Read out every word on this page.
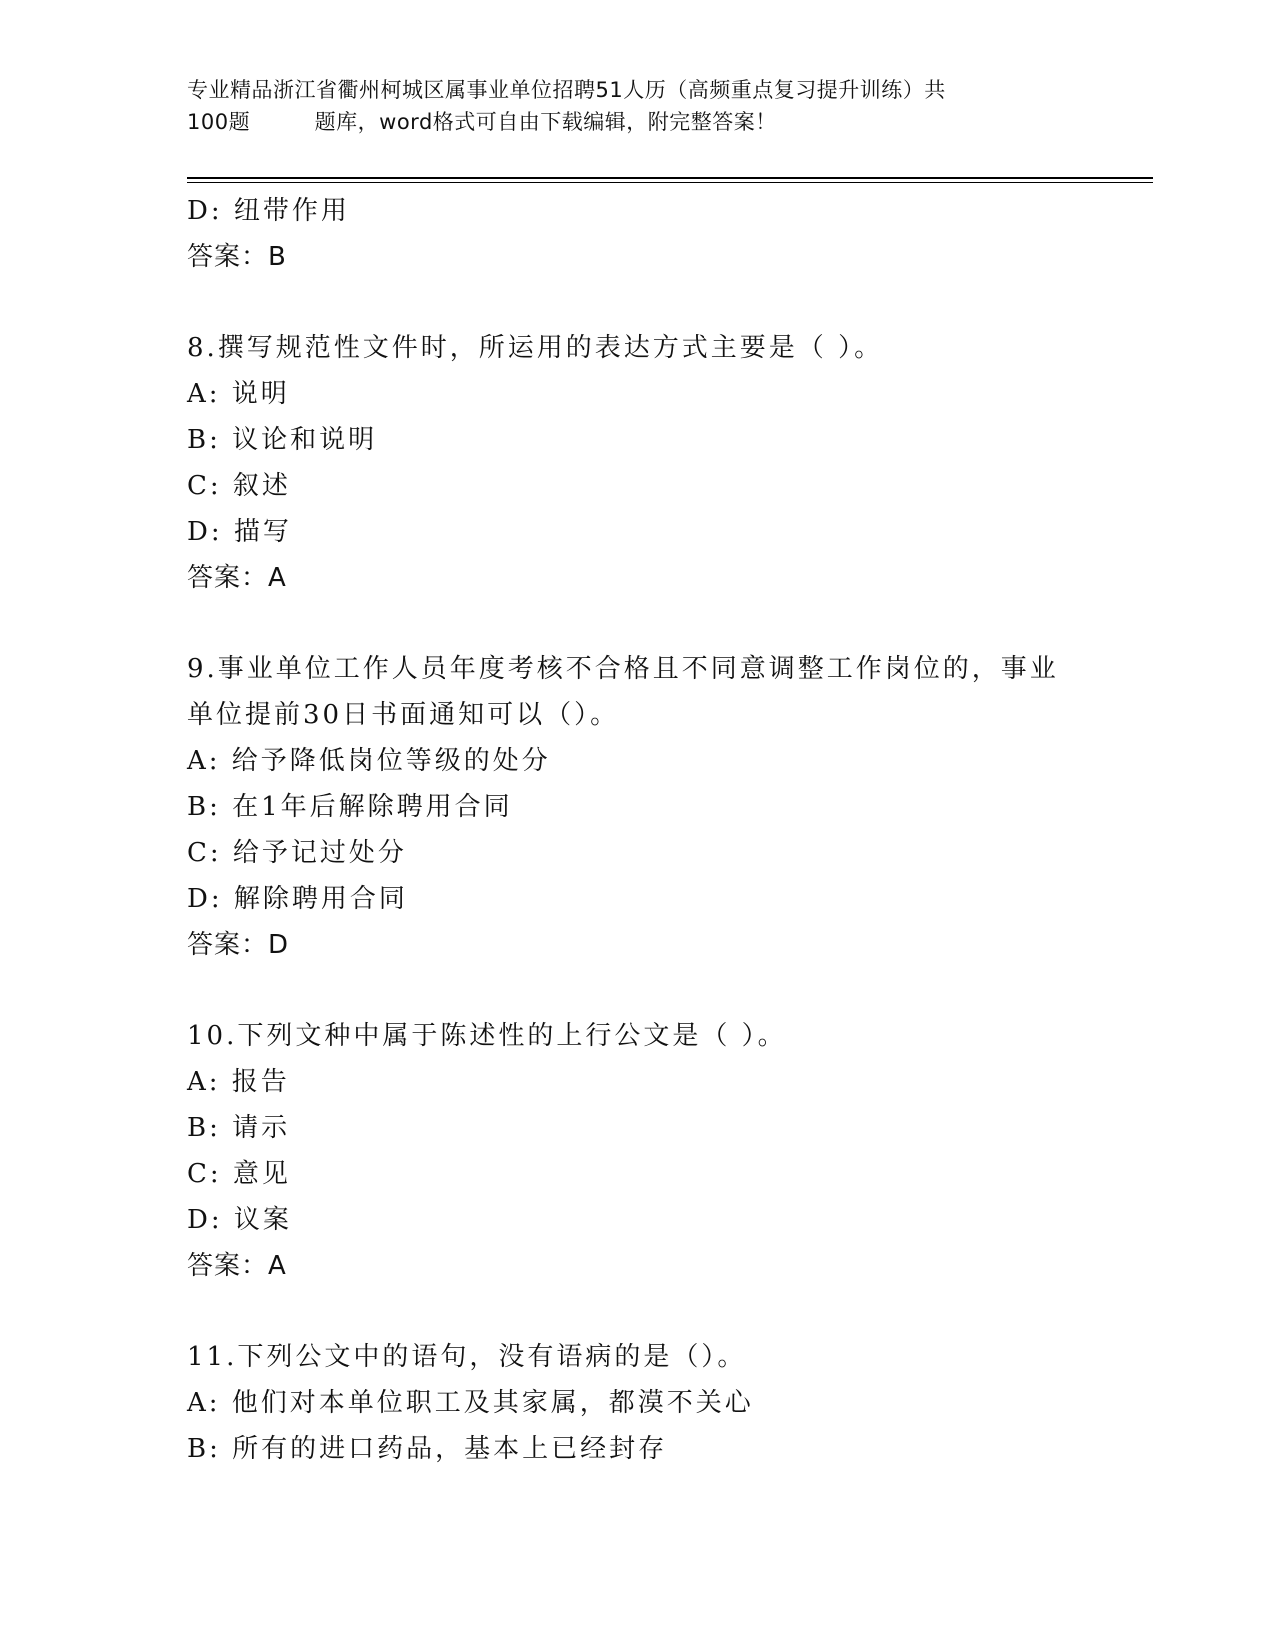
专业精品浙江省衢州柯城区属事业单位招聘51人历（高频重点复习提升训练）共
100题         题库，word格式可自由下载编辑，附完整答案！
D: 纽带作用
答案：B
8.撰写规范性文件时，所运用的表达方式主要是（ ）。
A: 说明
B: 议论和说明
C: 叙述
D: 描写
答案：A
9.事业单位工作人员年度考核不合格且不同意调整工作岗位的，事业
单位提前30日书面通知可以（）。
A: 给予降低岗位等级的处分
B: 在1年后解除聘用合同
C: 给予记过处分
D: 解除聘用合同
答案：D
10.下列文种中属于陈述性的上行公文是（ ）。
A: 报告
B: 请示
C: 意见
D: 议案
答案：A
11.下列公文中的语句，没有语病的是（）。
A: 他们对本单位职工及其家属，都漠不关心
B: 所有的进口药品，基本上已经封存
